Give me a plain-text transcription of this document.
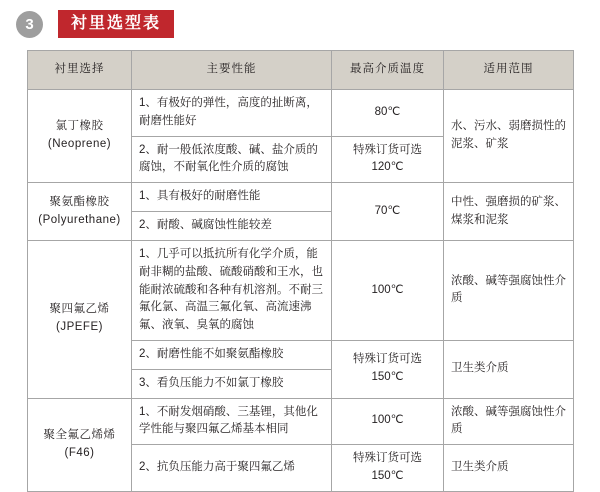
3	衬里选型表
衬里选择	主要性能	最高介质温度	适用范围

氯丁橡胶
(Neoprene)	1、有极好的弹性，高度的扯断离，耐磨性能好	80℃	水、污水、弱磨损性的
泥浆、矿浆

	2、耐一般低浓度酸、碱、盐介质的腐蚀，不耐氧化性介质的腐蚀	特殊订货可选
120℃	

聚氨酯橡胶
(Polyurethane)	1、具有极好的耐磨性能	70℃	中性、强磨损的矿浆、
煤浆和泥浆

	2、耐酸、碱腐蚀性能较差		

聚四氟乙烯
(JPEFE)	1、几乎可以抵抗所有化学介质，能耐非糊的盐酸、硫酸硝酸和王水，也能耐浓硫酸和各种有机溶剂。不耐三氟化氯、高温三氟化氧、高流速沸氟、液氧、臭氧的腐蚀	100℃	浓酸、碱等强腐蚀性介
质

	2、耐磨性能不如聚氨酯橡胶	特殊订货可选
150℃	卫生类介质

	3、看负压能力不如氯丁橡胶		

聚全氟乙烯烯
(F46)	1、不耐发烟硝酸、三基锂，其他化学性能与聚四氟乙烯基本相同	100℃	浓酸、碱等强腐蚀性介
质

	2、抗负压能力高于聚四氟乙烯	特殊订货可选
150℃	卫生类介质
